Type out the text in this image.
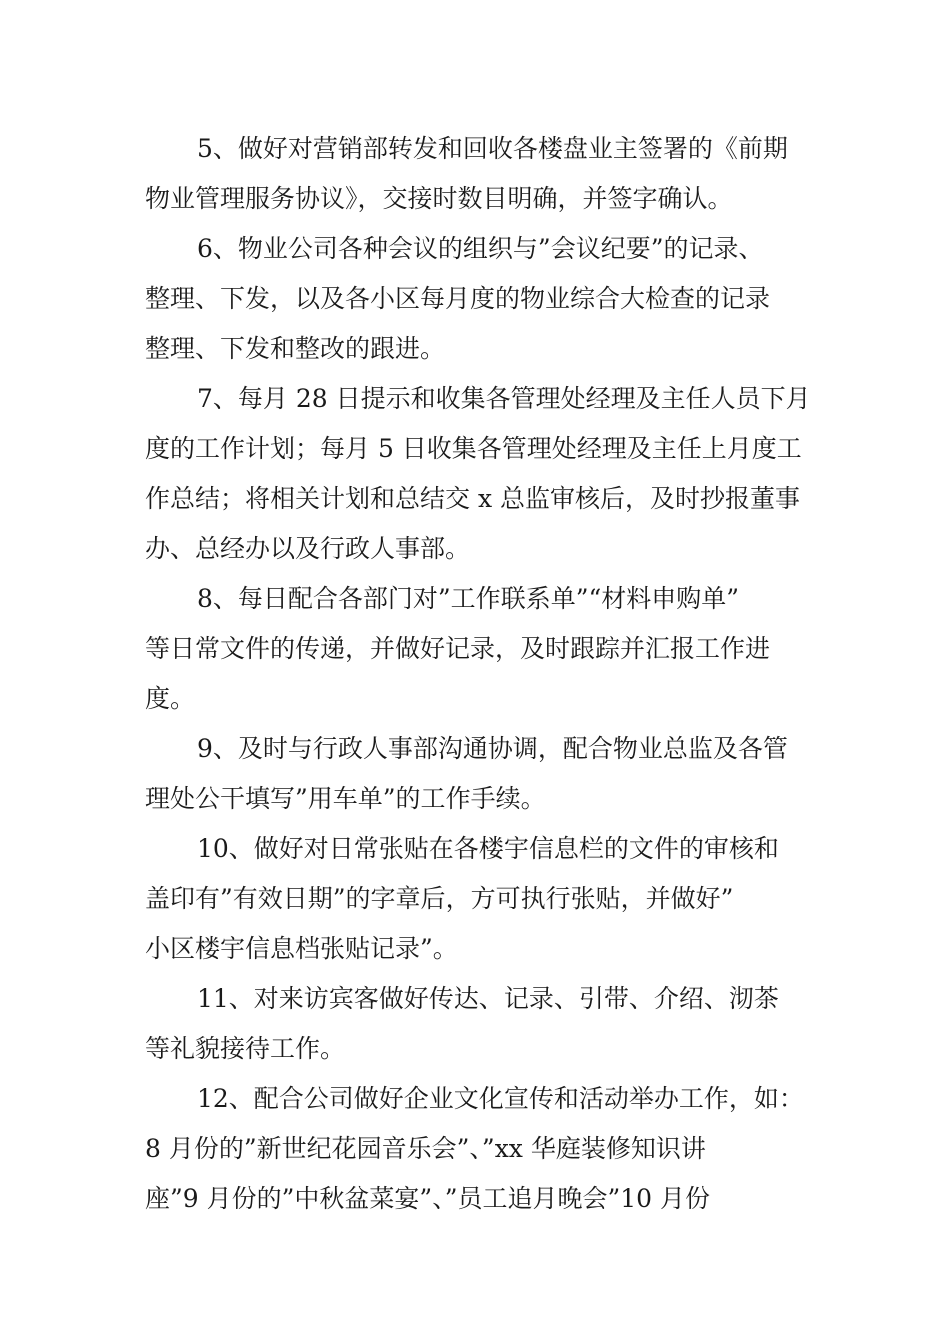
5、做好对营销部转发和回收各楼盘业主签署的《前期
物业管理服务协议》，交接时数目明确，并签字确认。

6、物业公司各种会议的组织与”会议纪要”的记录、
整理、下发，以及各小区每月度的物业综合大检查的记录
整理、下发和整改的跟进。

7、每月 28 日提示和收集各管理处经理及主任人员下月
度的工作计划；每月 5 日收集各管理处经理及主任上月度工
作总结；将相关计划和总结交 x 总监审核后，及时抄报董事
办、总经办以及行政人事部。

8、每日配合各部门对”工作联系单”“材料申购单”
等日常文件的传递，并做好记录，及时跟踪并汇报工作进
度。

9、及时与行政人事部沟通协调，配合物业总监及各管
理处公干填写”用车单”的工作手续。

10、做好对日常张贴在各楼宇信息栏的文件的审核和
盖印有”有效日期”的字章后，方可执行张贴，并做好”
小区楼宇信息档张贴记录”。

11、对来访宾客做好传达、记录、引带、介绍、沏茶
等礼貌接待工作。

12、配合公司做好企业文化宣传和活动举办工作，如：
8 月份的”新世纪花园音乐会”、”xx 华庭装修知识讲
座”9 月份的”中秋盆菜宴”、”员工追月晚会”10 月份
